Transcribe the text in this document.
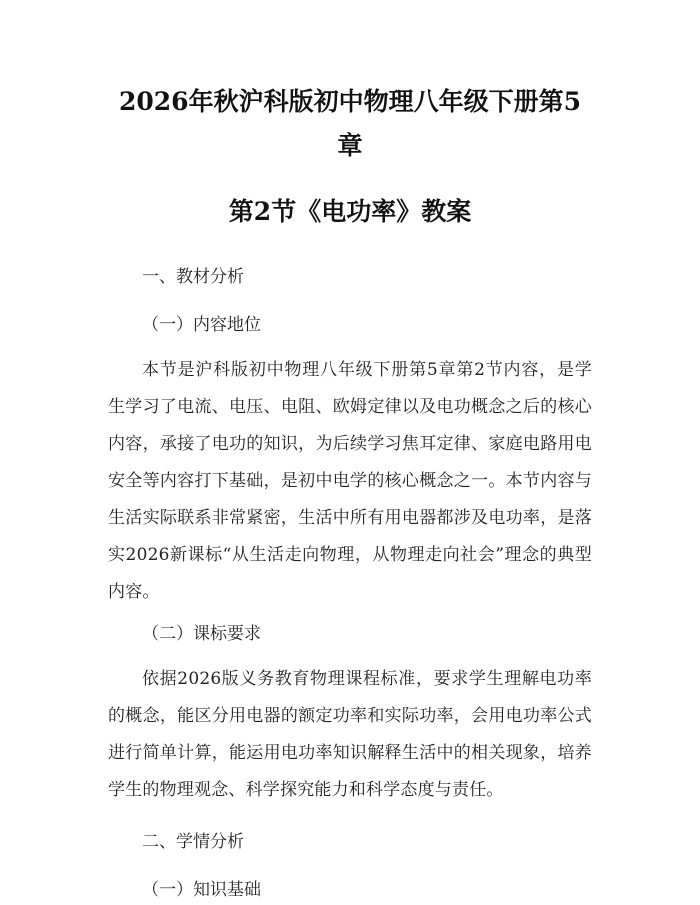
2026年秋沪科版初中物理八年级下册第5章
第2节《电功率》教案

一、教材分析

（一）内容地位

本节是沪科版初中物理八年级下册第5章第2节内容，是学生学习了电流、电压、电阻、欧姆定律以及电功概念之后的核心内容，承接了电功的知识，为后续学习焦耳定律、家庭电路用电安全等内容打下基础，是初中电学的核心概念之一。本节内容与生活实际联系非常紧密，生活中所有用电器都涉及电功率，是落实2026新课标“从生活走向物理，从物理走向社会”理念的典型内容。

（二）课标要求

依据2026版义务教育物理课程标准，要求学生理解电功率的概念，能区分用电器的额定功率和实际功率，会用电功率公式进行简单计算，能运用电功率知识解释生活中的相关现象，培养学生的物理观念、科学探究能力和科学态度与责任。

二、学情分析

（一）知识基础
